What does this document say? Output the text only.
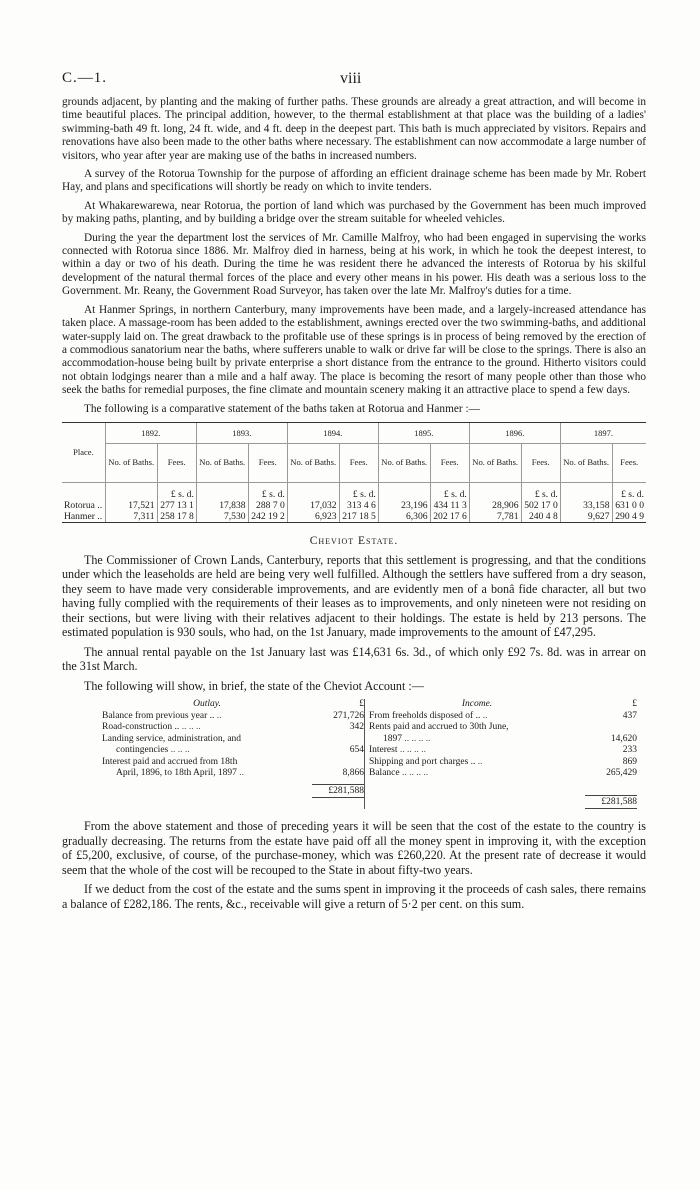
C.—1.	viii

grounds adjacent, by planting and the making of further paths. These grounds are already a great attraction, and will become in time beautiful places. The principal addition, however, to the thermal establishment at that place was the building of a ladies' swimming-bath 49 ft. long, 24 ft. wide, and 4 ft. deep in the deepest part. This bath is much appreciated by visitors. Repairs and renovations have also been made to the other baths where necessary. The establishment can now accommodate a large number of visitors, who year after year are making use of the baths in increased numbers.

A survey of the Rotorua Township for the purpose of affording an efficient drainage scheme has been made by Mr. Robert Hay, and plans and specifications will shortly be ready on which to invite tenders.

At Whakarewarewa, near Rotorua, the portion of land which was purchased by the Government has been much improved by making paths, planting, and by building a bridge over the stream suitable for wheeled vehicles.

During the year the department lost the services of Mr. Camille Malfroy, who had been engaged in supervising the works connected with Rotorua since 1886. Mr. Malfroy died in harness, being at his work, in which he took the deepest interest, to within a day or two of his death. During the time he was resident there he advanced the interests of Rotorua by his skilful development of the natural thermal forces of the place and every other means in his power. His death was a serious loss to the Government. Mr. Reany, the Government Road Surveyor, has taken over the late Mr. Malfroy's duties for a time.

At Hanmer Springs, in northern Canterbury, many improvements have been made, and a largely-increased attendance has taken place. A massage-room has been added to the establishment, awnings erected over the two swimming-baths, and additional water-supply laid on. The great drawback to the profitable use of these springs is in process of being removed by the erection of a commodious sanatorium near the baths, where sufferers unable to walk or drive far will be close to the springs. There is also an accommodation-house being built by private enterprise a short distance from the entrance to the ground. Hitherto visitors could not obtain lodgings nearer than a mile and a half away. The place is becoming the resort of many people other than those who seek the baths for remedial purposes, the fine climate and mountain scenery making it an attractive place to spend a few days.

The following is a comparative statement of the baths taken at Rotorua and Hanmer :—

Place.	1892.		1893.		1894.		1895.		1896.		1897.	
	No. of Baths.	Fees.	No. of Baths.	Fees.	No. of Baths.	Fees.	No. of Baths.	Fees.	No. of Baths.	Fees.	No. of Baths.	Fees.
		£ s. d.		£ s. d.		£ s. d.		£ s. d.		£ s. d.		£ s. d.
Rotorua ..	17,521	277 13 1	17,838	288 7 0	17,032	313 4 6	23,196	434 11 3	28,906	502 17 0	33,158	631 0 0
Hanmer ..	7,311	258 17 8	7,530	242 19 2	6,923	217 18 5	6,306	202 17 6	7,781	240 4 8	9,627	290 4 9
Cheviot Estate.

The Commissioner of Crown Lands, Canterbury, reports that this settlement is progressing, and that the conditions under which the leaseholds are held are being very well fulfilled. Although the settlers have suffered from a dry season, they seem to have made very considerable improvements, and are evidently men of a bonâ fide character, all but two having fully complied with the requirements of their leases as to improvements, and only nineteen were not residing on their sections, but were living with their relatives adjacent to their holdings. The estate is held by 213 persons. The estimated population is 930 souls, who had, on the 1st January, made improvements to the amount of £47,295.

The annual rental payable on the 1st January last was £14,631 6s. 3d., of which only £92 7s. 8d. was in arrear on the 31st March.

The following will show, in brief, the state of the Cheviot Account :—

Outlay.	£
Balance from previous year .. ..	271,726
Road-construction .. .. .. ..	342
Landing service, administration, and
contingencies .. .. ..	654
Interest paid and accrued from 18th
April, 1896, to 18th April, 1897 ..	8,866
£281,588
Income.	£
From freeholds disposed of .. ..	437
Rents paid and accrued to 30th June,
1897 .. .. .. ..	14,620
Interest .. .. .. ..	233
Shipping and port charges .. ..	869
Balance .. .. .. ..	265,429
£281,588

From the above statement and those of preceding years it will be seen that the cost of the estate to the country is gradually decreasing. The returns from the estate have paid off all the money spent in improving it, with the exception of £5,200, exclusive, of course, of the purchase-money, which was £260,220. At the present rate of decrease it would seem that the whole of the cost will be recouped to the State in about fifty-two years.

If we deduct from the cost of the estate and the sums spent in improving it the proceeds of cash sales, there remains a balance of £282,186. The rents, &c., receivable will give a return of 5·2 per cent. on this sum.
